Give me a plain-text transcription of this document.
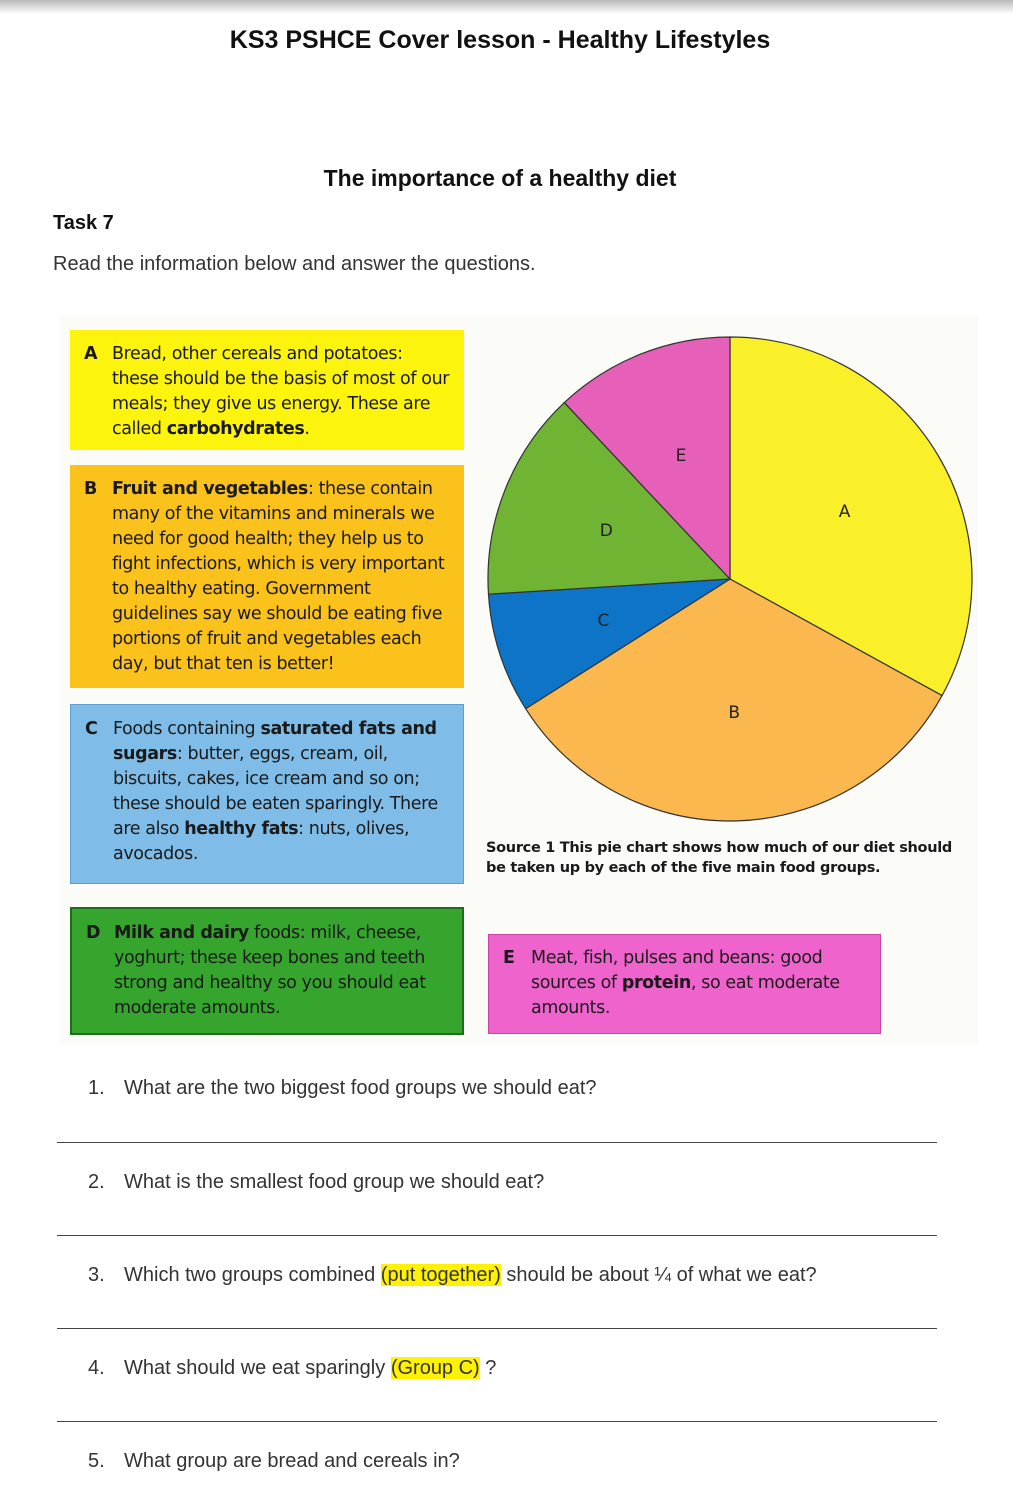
KS3 PSHCE Cover lesson - Healthy Lifestyles
The importance of a healthy diet
Task 7
Read the information below and answer the questions.
A Bread, other cereals and potatoes: these should be the basis of most of our meals; they give us energy. These are called carbohydrates.
B Fruit and vegetables: these contain many of the vitamins and minerals we need for good health; they help us to fight infections, which is very important to healthy eating. Government guidelines say we should be eating five portions of fruit and vegetables each day, but that ten is better!
C Foods containing saturated fats and sugars: butter, eggs, cream, oil, biscuits, cakes, ice cream and so on; these should be eaten sparingly. There are also healthy fats: nuts, olives, avocados.
D Milk and dairy foods: milk, cheese, yoghurt; these keep bones and teeth strong and healthy so you should eat moderate amounts.
E Meat, fish, pulses and beans: good sources of protein, so eat moderate amounts.
A
B
C
D
E
Source 1 This pie chart shows how much of our diet should be taken up by each of the five main food groups.
1. What are the two biggest food groups we should eat?
2. What is the smallest food group we should eat?
3. Which two groups combined (put together) should be about ¼ of what we eat?
4. What should we eat sparingly (Group C) ?
5. What group are bread and cereals in?
